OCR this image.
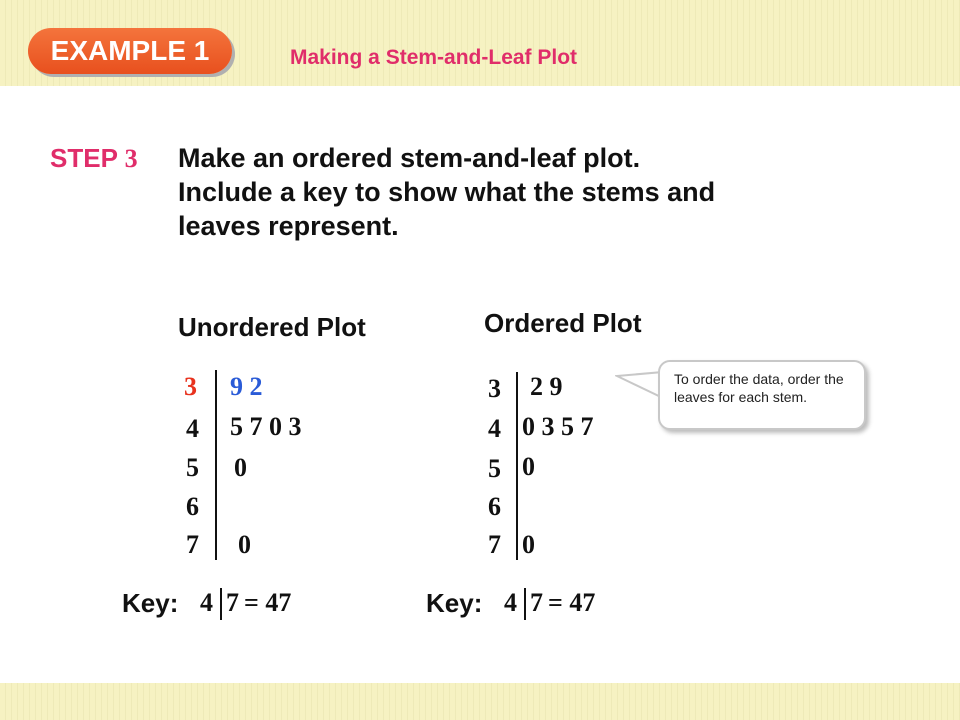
EXAMPLE 1	Making a Stem-and-Leaf Plot
STEP 3 Make an ordered stem-and-leaf plot.
Include a key to show what the stems and
leaves represent.
Unordered Plot
3 9 2
4 5 7 0 3
5 0
6
7 0
Key: 4 7 = 47
Ordered Plot
3 2 9
4 0 3 5 7
5 0
6
7 0
Key: 4 7 = 47
To order the data, order the leaves for each stem.
